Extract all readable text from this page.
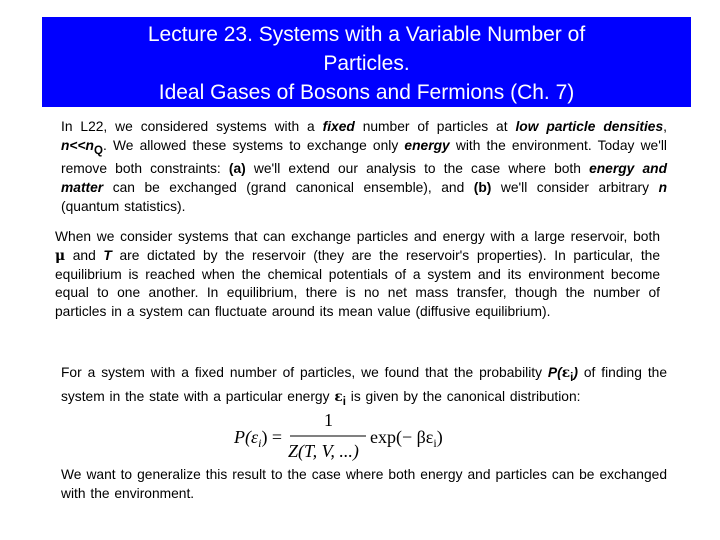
Lecture 23. Systems with a Variable Number of
Particles.
Ideal Gases of Bosons and Fermions (Ch. 7)
In L22, we considered systems with a fixed number of particles at low particle densities, $n<<n_Q$. We allowed these systems to exchange only energy with the environment. Today we'll remove both constraints: (a) we'll extend our analysis to the case where both energy and matter can be exchanged (grand canonical ensemble), and (b) we'll consider arbitrary n (quantum statistics).
When we consider systems that can exchange particles and energy with a large reservoir, both μ and T are dictated by the reservoir (they are the reservoir's properties). In particular, the equilibrium is reached when the chemical potentials of a system and its environment become equal to one another. In equilibrium, there is no net mass transfer, though the number of particles in a system can fluctuate around its mean value (diffusive equilibrium).
For a system with a fixed number of particles, we found that the probability $P(\varepsilon_i)$ of finding the system in the state with a particular energy $\varepsilon_i$ is given by the canonical distribution:
$P(\varepsilon_i)$ =
1
Z(T, V, ...)
$\exp(- \beta\varepsilon_i)$
We want to generalize this result to the case where both energy and particles can be exchanged with the environment.
